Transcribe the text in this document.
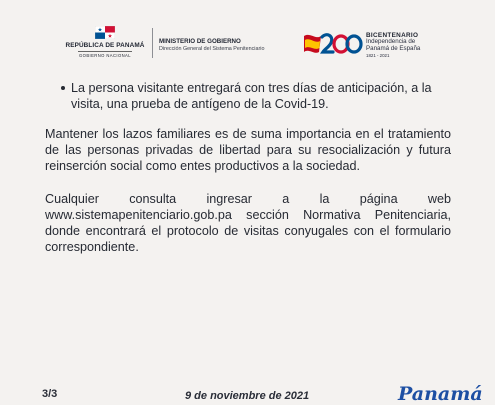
REPÚBLICA DE PANAMÁ
GOBIERNO NACIONAL
MINISTERIO DE GOBIERNO
Dirección General del Sistema Penitenciario
BICENTENARIO
Independencia de
Panamá de España
1821 - 2021
La persona visitante entregará con tres días de anticipación, a la visita, una prueba de antígeno de la Covid-19.

Mantener los lazos familiares es de suma importancia en el tratamiento de las personas privadas de libertad para su resocialización y futura reinserción social como entes productivos a la sociedad.

Cualquier consulta ingresar a la página web www.sistemapenitenciario.gob.pa sección Normativa Penitenciaria, donde encontrará el protocolo de visitas conyugales con el formulario correspondiente.

3/3	9 de noviembre de 2021	Panamá
